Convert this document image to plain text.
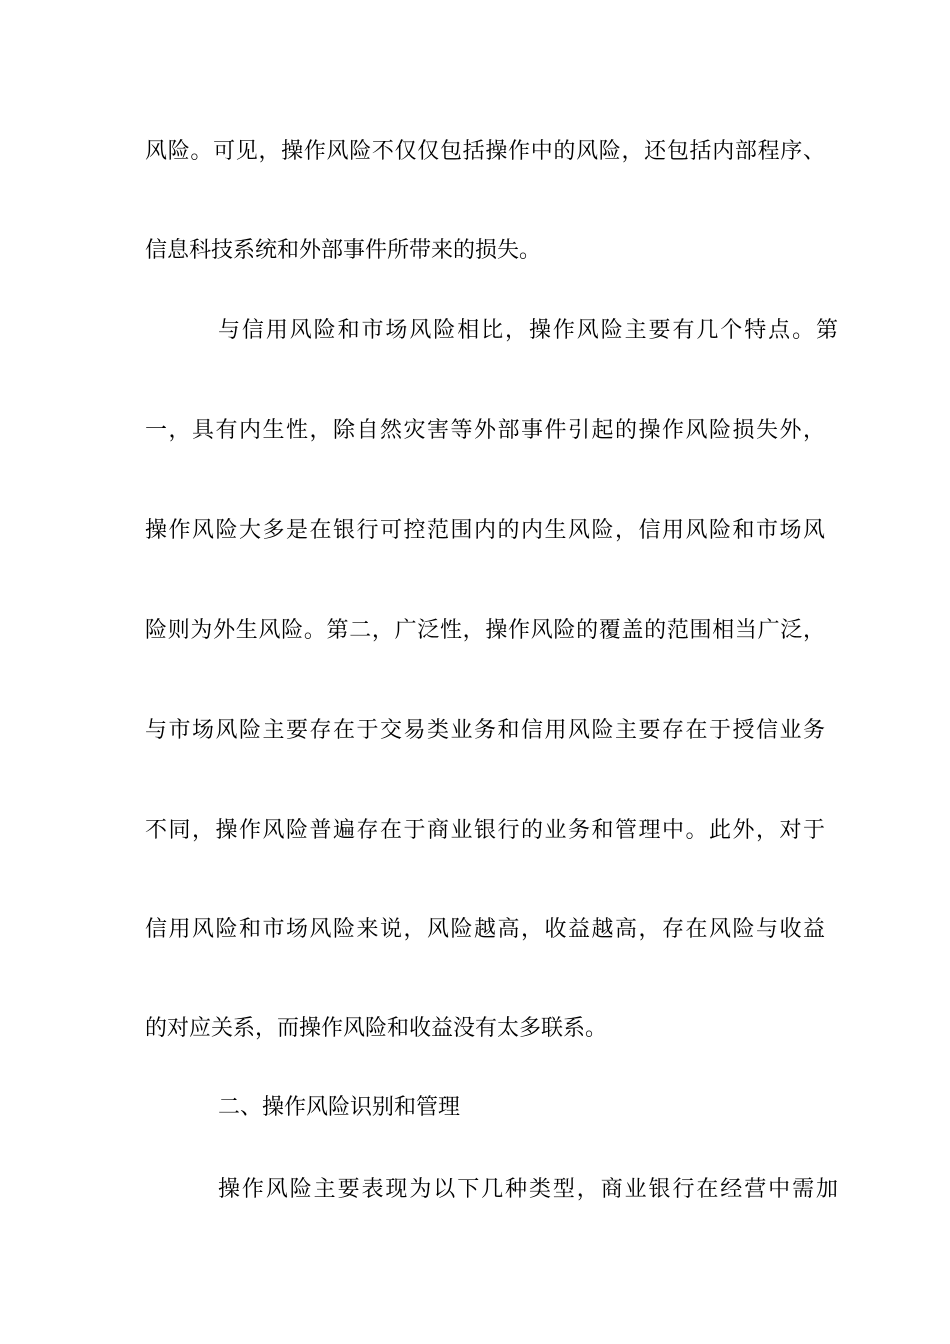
风险。可见，操作风险不仅仅包括操作中的风险，还包括内部程序、

信息科技系统和外部事件所带来的损失。

与信用风险和市场风险相比，操作风险主要有几个特点。第

一，具有内生性，除自然灾害等外部事件引起的操作风险损失外，

操作风险大多是在银行可控范围内的内生风险，信用风险和市场风

险则为外生风险。第二，广泛性，操作风险的覆盖的范围相当广泛，

与市场风险主要存在于交易类业务和信用风险主要存在于授信业务

不同，操作风险普遍存在于商业银行的业务和管理中。此外，对于

信用风险和市场风险来说，风险越高，收益越高，存在风险与收益

的对应关系，而操作风险和收益没有太多联系。

二、操作风险识别和管理

操作风险主要表现为以下几种类型，商业银行在经营中需加
